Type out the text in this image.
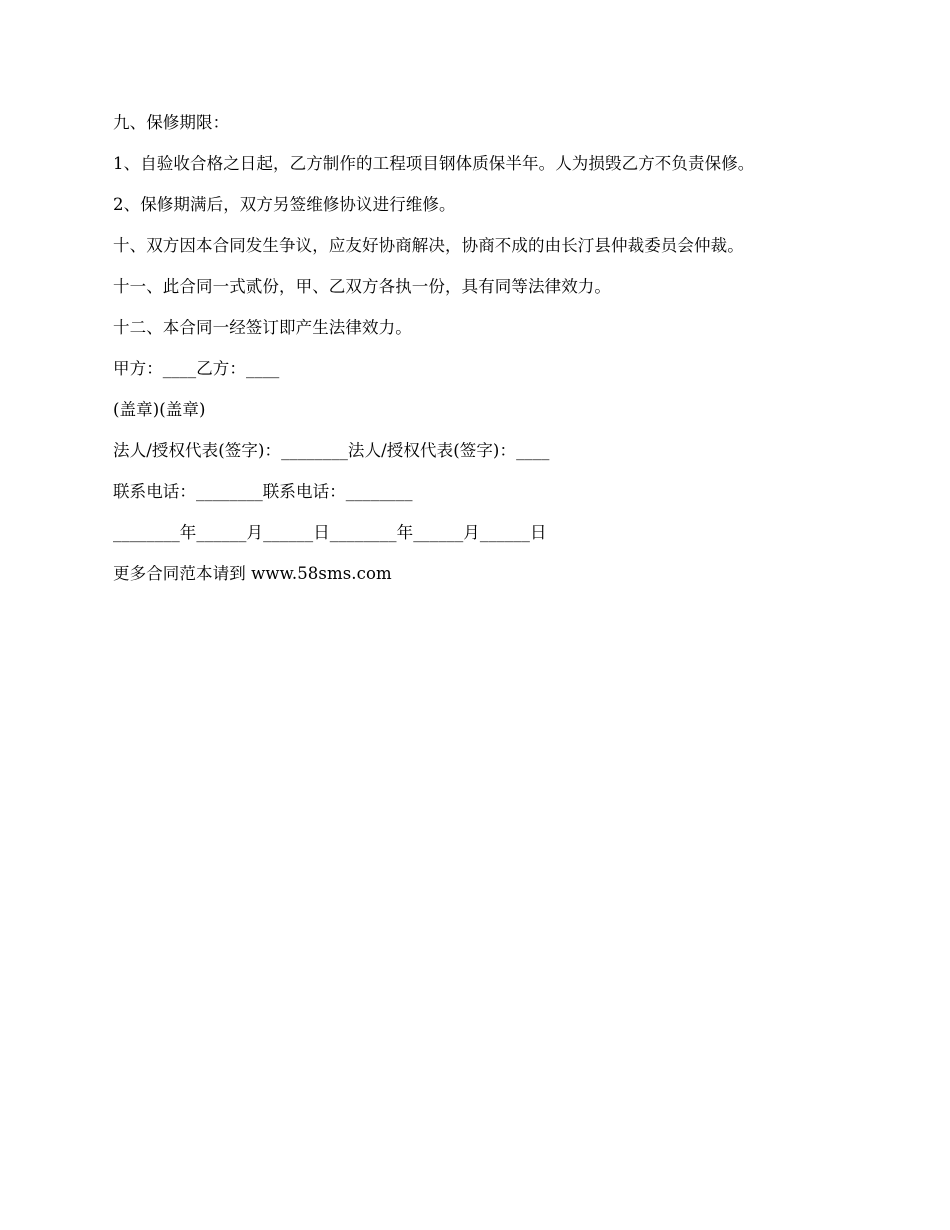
九、保修期限：

1、自验收合格之日起，乙方制作的工程项目钢体质保半年。人为损毁乙方不负责保修。

2、保修期满后，双方另签维修协议进行维修。

十、双方因本合同发生争议，应友好协商解决，协商不成的由长汀县仲裁委员会仲裁。

十一、此合同一式贰份，甲、乙双方各执一份，具有同等法律效力。

十二、本合同一经签订即产生法律效力。

甲方：____乙方：____

(盖章)(盖章)

法人/授权代表(签字)：________法人/授权代表(签字)：____

联系电话：________联系电话：________

________年______月______日________年______月______日

更多合同范本请到 www.58sms.com
